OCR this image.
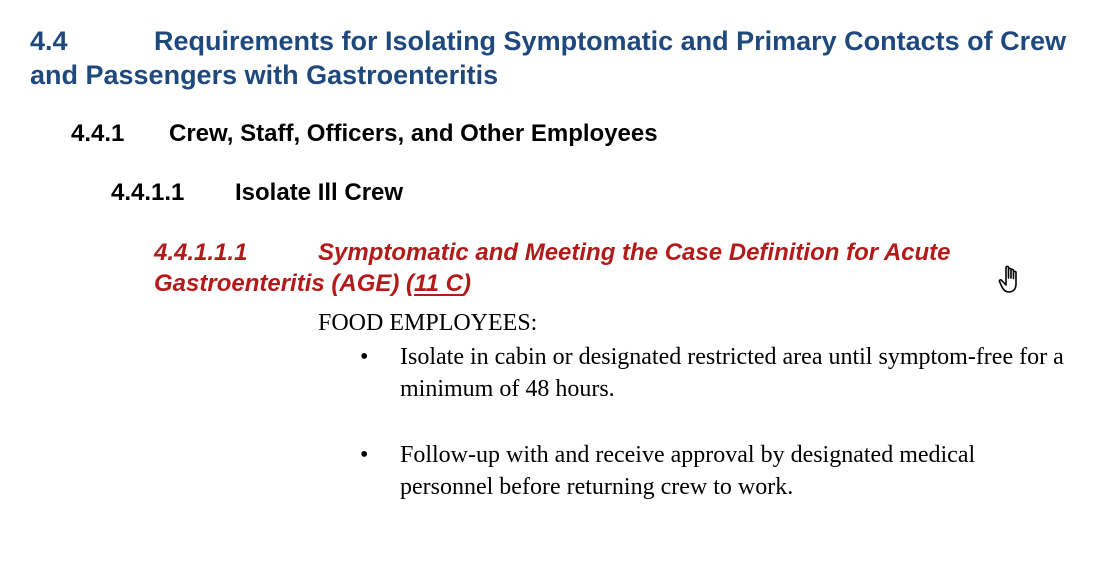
4.4	Requirements for Isolating Symptomatic and Primary Contacts of Crew and Passengers with Gastroenteritis
4.4.1 Crew, Staff, Officers, and Other Employees
4.4.1.1 Isolate Ill Crew
4.4.1.1.1	Symptomatic and Meeting the Case Definition for Acute Gastroenteritis (AGE) (11 C)
FOOD EMPLOYEES:
•	Isolate in cabin or designated restricted area until symptom-free for a minimum of 48 hours.
•	Follow-up with and receive approval by designated medical personnel before returning crew to work.
